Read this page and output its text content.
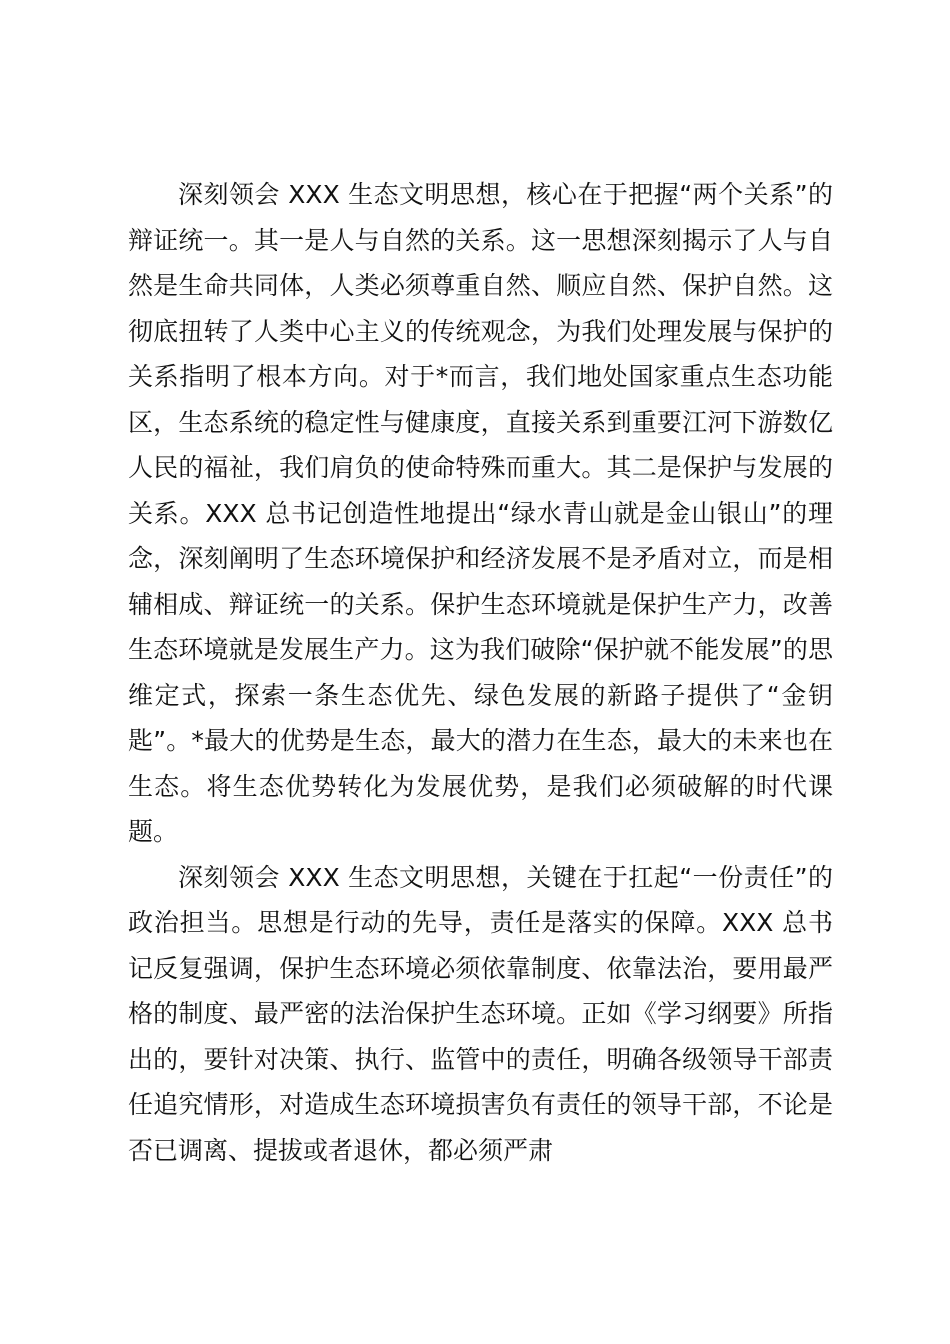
深刻领会 XXX 生态文明思想，核心在于把握“两个关系”的辩证统一。其一是人与自然的关系。这一思想深刻揭示了人与自然是生命共同体，人类必须尊重自然、顺应自然、保护自然。这彻底扭转了人类中心主义的传统观念，为我们处理发展与保护的关系指明了根本方向。对于*而言，我们地处国家重点生态功能区，生态系统的稳定性与健康度，直接关系到重要江河下游数亿人民的福祉，我们肩负的使命特殊而重大。其二是保护与发展的关系。XXX 总书记创造性地提出“绿水青山就是金山银山”的理念，深刻阐明了生态环境保护和经济发展不是矛盾对立，而是相辅相成、辩证统一的关系。保护生态环境就是保护生产力，改善生态环境就是发展生产力。这为我们破除“保护就不能发展”的思维定式，探索一条生态优先、绿色发展的新路子提供了“金钥匙”。*最大的优势是生态，最大的潜力在生态，最大的未来也在生态。将生态优势转化为发展优势，是我们必须破解的时代课题。

深刻领会 XXX 生态文明思想，关键在于扛起“一份责任”的政治担当。思想是行动的先导，责任是落实的保障。XXX 总书记反复强调，保护生态环境必须依靠制度、依靠法治，要用最严格的制度、最严密的法治保护生态环境。正如《学习纲要》所指出的，要针对决策、执行、监管中的责任，明确各级领导干部责任追究情形，对造成生态环境损害负有责任的领导干部，不论是否已调离、提拔或者退休，都必须严肃
